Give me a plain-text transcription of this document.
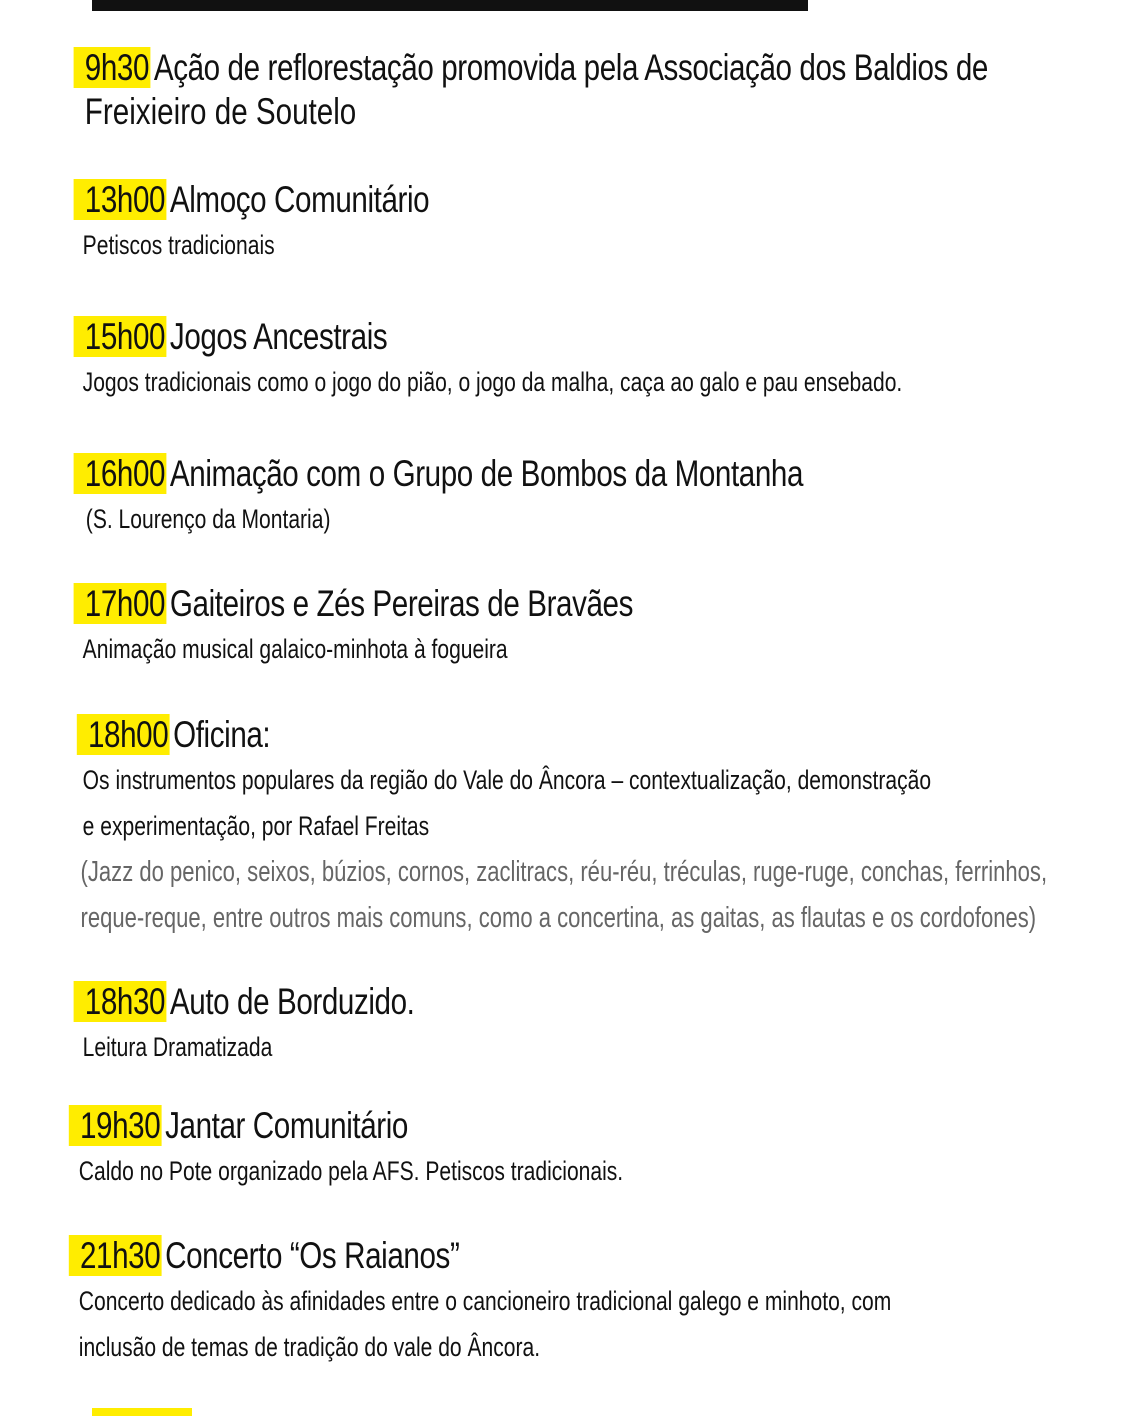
9h30 Ação de reflorestação promovida pela Associação dos Baldios de
Freixieiro de Soutelo
13h00 Almoço Comunitário
Petiscos tradicionais
15h00 Jogos Ancestrais
Jogos tradicionais como o jogo do pião, o jogo da malha, caça ao galo e pau ensebado.
16h00 Animação com o Grupo de Bombos da Montanha
(S. Lourenço da Montaria)
17h00 Gaiteiros e Zés Pereiras de Bravães
Animação musical galaico-minhota à fogueira
18h00 Oficina:
Os instrumentos populares da região do Vale do Âncora – contextualização, demonstração
e experimentação, por Rafael Freitas
(Jazz do penico, seixos, búzios, cornos, zaclitracs, réu-réu, tréculas, ruge-ruge, conchas, ferrinhos,
reque-reque, entre outros mais comuns, como a concertina, as gaitas, as flautas e os cordofones)
18h30 Auto de Borduzido.
Leitura Dramatizada
19h30 Jantar Comunitário
Caldo no Pote organizado pela AFS. Petiscos tradicionais.
21h30 Concerto “Os Raianos”
Concerto dedicado às afinidades entre o cancioneiro tradicional galego e minhoto, com
inclusão de temas de tradição do vale do Âncora.
